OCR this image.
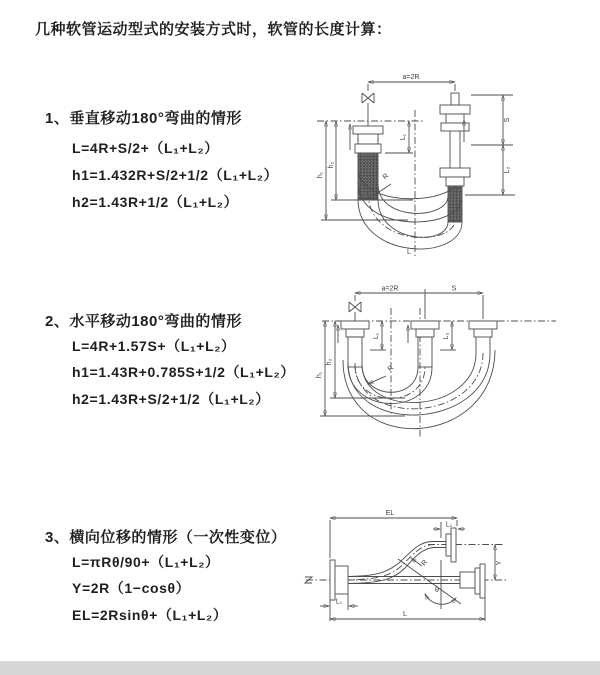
几种软管运动型式的安装方式时，软管的长度计算：
1、垂直移动180°弯曲的情形
L=4R+S/2+（L₁+L₂）
h1=1.432R+S/2+1/2（L₁+L₂）
h2=1.43R+1/2（L₁+L₂）
a=2R
h₁
h₂
L₁
S
L₂
R
L
2、水平移动180°弯曲的情形
L=4R+1.57S+（L₁+L₂）
h1=1.43R+0.785S+1/2（L₁+L₂）
h2=1.43R+S/2+1/2（L₁+L₂）
a=2R	S
h₁
h₂
L₁	L₂
R
3、横向位移的情形（一次性变位）
L=πRθ/90+（L₁+L₂）
Y=2R（1−cosθ）
EL=2Rsinθ+（L₁+L₂）
EL
L₁
Y
θ
R
L₁
L
